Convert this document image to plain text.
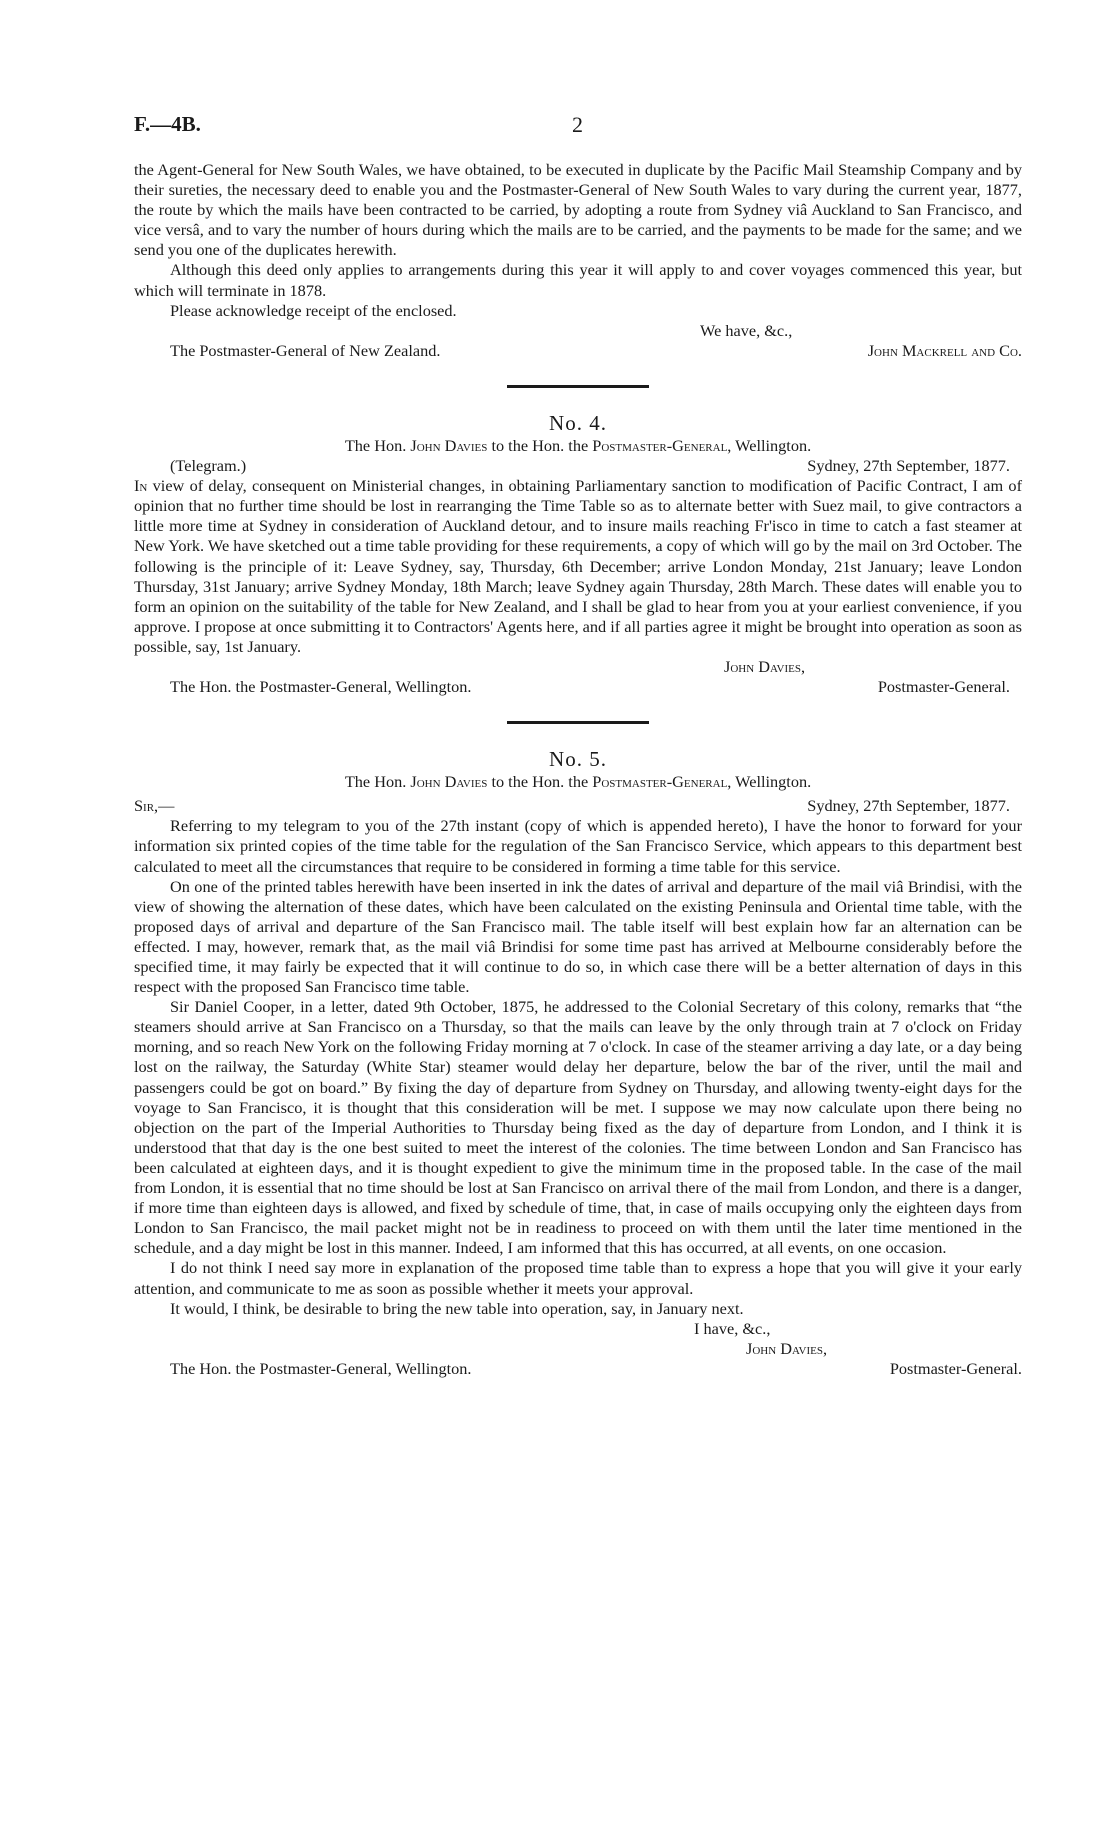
F.—4B.	2

the Agent-General for New South Wales, we have obtained, to be executed in duplicate by the Pacific Mail Steamship Company and by their sureties, the necessary deed to enable you and the Postmaster-General of New South Wales to vary during the current year, 1877, the route by which the mails have been contracted to be carried, by adopting a route from Sydney viâ Auckland to San Francisco, and vice versâ, and to vary the number of hours during which the mails are to be carried, and the payments to be made for the same; and we send you one of the duplicates herewith.

Although this deed only applies to arrangements during this year it will apply to and cover voyages commenced this year, but which will terminate in 1878.

Please acknowledge receipt of the enclosed.

We have, &c.,
The Postmaster-General of New Zealand.	John Mackrell and Co.
No. 4.
The Hon. John Davies to the Hon. the Postmaster-General, Wellington.
(Telegram.)	Sydney, 27th September, 1877.

In view of delay, consequent on Ministerial changes, in obtaining Parliamentary sanction to modification of Pacific Contract, I am of opinion that no further time should be lost in rearranging the Time Table so as to alternate better with Suez mail, to give contractors a little more time at Sydney in consideration of Auckland detour, and to insure mails reaching Fr'isco in time to catch a fast steamer at New York. We have sketched out a time table providing for these requirements, a copy of which will go by the mail on 3rd October. The following is the principle of it: Leave Sydney, say, Thursday, 6th December; arrive London Monday, 21st January; leave London Thursday, 31st January; arrive Sydney Monday, 18th March; leave Sydney again Thursday, 28th March. These dates will enable you to form an opinion on the suitability of the table for New Zealand, and I shall be glad to hear from you at your earliest convenience, if you approve. I propose at once submitting it to Contractors' Agents here, and if all parties agree it might be brought into operation as soon as possible, say, 1st January.

John Davies,
The Hon. the Postmaster-General, Wellington.	Postmaster-General.
No. 5.
The Hon. John Davies to the Hon. the Postmaster-General, Wellington.
Sir,—	Sydney, 27th September, 1877.

Referring to my telegram to you of the 27th instant (copy of which is appended hereto), I have the honor to forward for your information six printed copies of the time table for the regulation of the San Francisco Service, which appears to this department best calculated to meet all the circumstances that require to be considered in forming a time table for this service.

On one of the printed tables herewith have been inserted in ink the dates of arrival and departure of the mail viâ Brindisi, with the view of showing the alternation of these dates, which have been calculated on the existing Peninsula and Oriental time table, with the proposed days of arrival and departure of the San Francisco mail. The table itself will best explain how far an alternation can be effected. I may, however, remark that, as the mail viâ Brindisi for some time past has arrived at Melbourne considerably before the specified time, it may fairly be expected that it will continue to do so, in which case there will be a better alternation of days in this respect with the proposed San Francisco time table.

Sir Daniel Cooper, in a letter, dated 9th October, 1875, he addressed to the Colonial Secretary of this colony, remarks that “the steamers should arrive at San Francisco on a Thursday, so that the mails can leave by the only through train at 7 o'clock on Friday morning, and so reach New York on the following Friday morning at 7 o'clock. In case of the steamer arriving a day late, or a day being lost on the railway, the Saturday (White Star) steamer would delay her departure, below the bar of the river, until the mail and passengers could be got on board.” By fixing the day of departure from Sydney on Thursday, and allowing twenty-eight days for the voyage to San Francisco, it is thought that this consideration will be met. I suppose we may now calculate upon there being no objection on the part of the Imperial Authorities to Thursday being fixed as the day of departure from London, and I think it is understood that that day is the one best suited to meet the interest of the colonies. The time between London and San Francisco has been calculated at eighteen days, and it is thought expedient to give the minimum time in the proposed table. In the case of the mail from London, it is essential that no time should be lost at San Francisco on arrival there of the mail from London, and there is a danger, if more time than eighteen days is allowed, and fixed by schedule of time, that, in case of mails occupying only the eighteen days from London to San Francisco, the mail packet might not be in readiness to proceed on with them until the later time mentioned in the schedule, and a day might be lost in this manner. Indeed, I am informed that this has occurred, at all events, on one occasion.

I do not think I need say more in explanation of the proposed time table than to express a hope that you will give it your early attention, and communicate to me as soon as possible whether it meets your approval.

It would, I think, be desirable to bring the new table into operation, say, in January next.

I have, &c.,
John Davies,
The Hon. the Postmaster-General, Wellington.	Postmaster-General.
